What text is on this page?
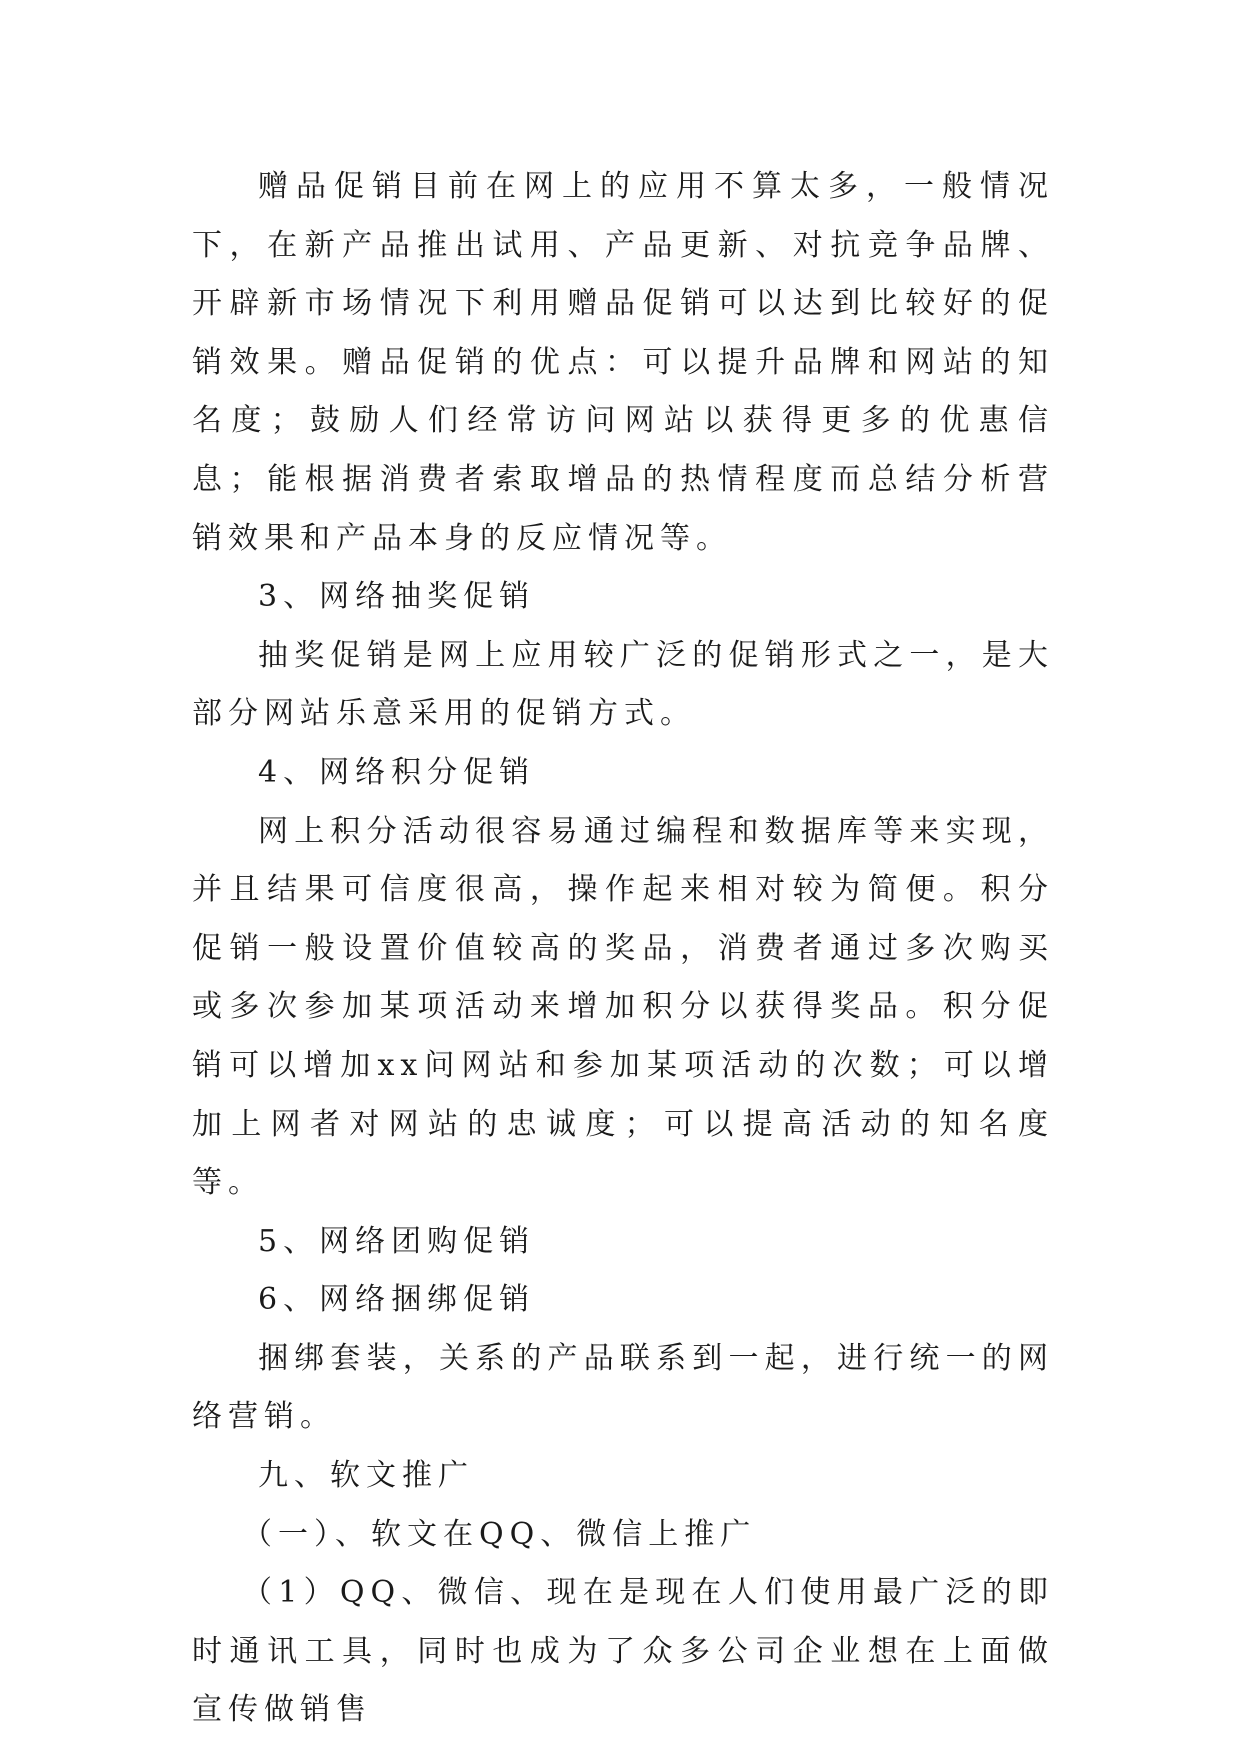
赠品促销目前在网上的应用不算太多，一般情况下，在新产品推出试用、产品更新、对抗竞争品牌、开辟新市场情况下利用赠品促销可以达到比较好的促销效果。赠品促销的优点：可以提升品牌和网站的知名度；鼓励人们经常访问网站以获得更多的优惠信息；能根据消费者索取增品的热情程度而总结分析营销效果和产品本身的反应情况等。

3、网络抽奖促销

抽奖促销是网上应用较广泛的促销形式之一，是大部分网站乐意采用的促销方式。

4、网络积分促销

网上积分活动很容易通过编程和数据库等来实现，并且结果可信度很高，操作起来相对较为简便。积分促销一般设置价值较高的奖品，消费者通过多次购买或多次参加某项活动来增加积分以获得奖品。积分促销可以增加xx问网站和参加某项活动的次数；可以增加上网者对网站的忠诚度；可以提高活动的知名度等。

5、网络团购促销

6、网络捆绑促销

捆绑套装，关系的产品联系到一起，进行统一的网络营销。

九、软文推广

（一）、软文在QQ、微信上推广

（1）QQ、微信、现在是现在人们使用最广泛的即时通讯工具，同时也成为了众多公司企业想在上面做宣传做销售
